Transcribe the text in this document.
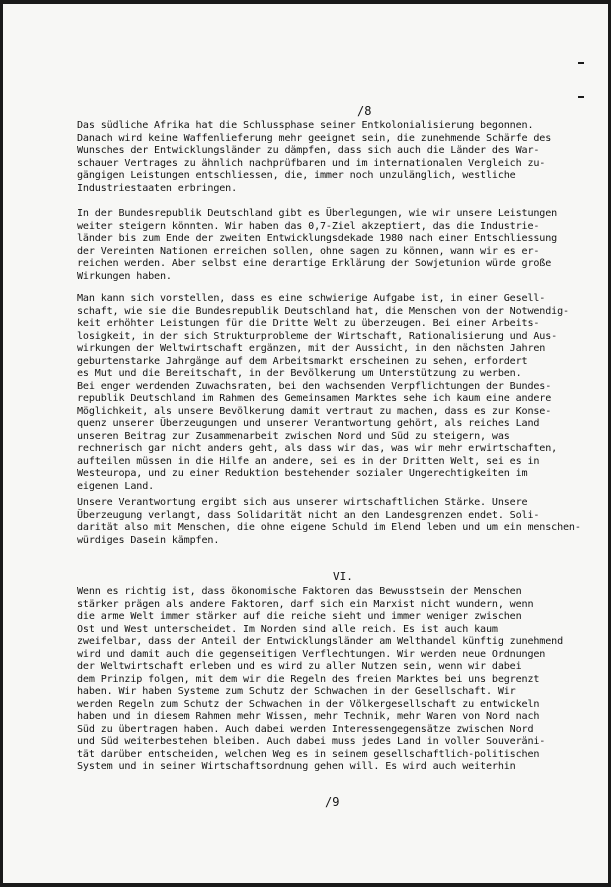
/8
Das südliche Afrika hat die Schlussphase seiner Entkolonialisierung begonnen.
Danach wird keine Waffenlieferung mehr geeignet sein, die zunehmende Schärfe des
Wunsches der Entwicklungsländer zu dämpfen, dass sich auch die Länder des War-
schauer Vertrages zu ähnlich nachprüfbaren und im internationalen Vergleich zu-
gängigen Leistungen entschliessen, die, immer noch unzulänglich, westliche
Industriestaaten erbringen.
In der Bundesrepublik Deutschland gibt es Überlegungen, wie wir unsere Leistungen
weiter steigern könnten. Wir haben das 0,7-Ziel akzeptiert, das die Industrie-
länder bis zum Ende der zweiten Entwicklungsdekade 1980 nach einer Entschliessung
der Vereinten Nationen erreichen sollen, ohne sagen zu können, wann wir es er-
reichen werden. Aber selbst eine derartige Erklärung der Sowjetunion würde große
Wirkungen haben.
Man kann sich vorstellen, dass es eine schwierige Aufgabe ist, in einer Gesell-
schaft, wie sie die Bundesrepublik Deutschland hat, die Menschen von der Notwendig-
keit erhöhter Leistungen für die Dritte Welt zu überzeugen. Bei einer Arbeits-
losigkeit, in der sich Strukturprobleme der Wirtschaft, Rationalisierung und Aus-
wirkungen der Weltwirtschaft ergänzen, mit der Aussicht, in den nächsten Jahren
geburtenstarke Jahrgänge auf dem Arbeitsmarkt erscheinen zu sehen, erfordert
es Mut und die Bereitschaft, in der Bevölkerung um Unterstützung zu werben.
Bei enger werdenden Zuwachsraten, bei den wachsenden Verpflichtungen der Bundes-
republik Deutschland im Rahmen des Gemeinsamen Marktes sehe ich kaum eine andere
Möglichkeit, als unsere Bevölkerung damit vertraut zu machen, dass es zur Konse-
quenz unserer Überzeugungen und unserer Verantwortung gehört, als reiches Land
unseren Beitrag zur Zusammenarbeit zwischen Nord und Süd zu steigern, was
rechnerisch gar nicht anders geht, als dass wir das, was wir mehr erwirtschaften,
aufteilen müssen in die Hilfe an andere, sei es in der Dritten Welt, sei es in
Westeuropa, und zu einer Reduktion bestehender sozialer Ungerechtigkeiten im
eigenen Land.
Unsere Verantwortung ergibt sich aus unserer wirtschaftlichen Stärke. Unsere
Überzeugung verlangt, dass Solidarität nicht an den Landesgrenzen endet. Soli-
darität also mit Menschen, die ohne eigene Schuld im Elend leben und um ein menschen-
würdiges Dasein kämpfen.
VI.
Wenn es richtig ist, dass ökonomische Faktoren das Bewusstsein der Menschen
stärker prägen als andere Faktoren, darf sich ein Marxist nicht wundern, wenn
die arme Welt immer stärker auf die reiche sieht und immer weniger zwischen
Ost und West unterscheidet. Im Norden sind alle reich. Es ist auch kaum
zweifelbar, dass der Anteil der Entwicklungsländer am Welthandel künftig zunehmend
wird und damit auch die gegenseitigen Verflechtungen. Wir werden neue Ordnungen
der Weltwirtschaft erleben und es wird zu aller Nutzen sein, wenn wir dabei
dem Prinzip folgen, mit dem wir die Regeln des freien Marktes bei uns begrenzt
haben. Wir haben Systeme zum Schutz der Schwachen in der Gesellschaft. Wir
werden Regeln zum Schutz der Schwachen in der Völkergesellschaft zu entwickeln
haben und in diesem Rahmen mehr Wissen, mehr Technik, mehr Waren von Nord nach
Süd zu übertragen haben. Auch dabei werden Interessengegensätze zwischen Nord
und Süd weiterbestehen bleiben. Auch dabei muss jedes Land in voller Souveräni-
tät darüber entscheiden, welchen Weg es in seinem gesellschaftlich-politischen
System und in seiner Wirtschaftsordnung gehen will. Es wird auch weiterhin
/9
